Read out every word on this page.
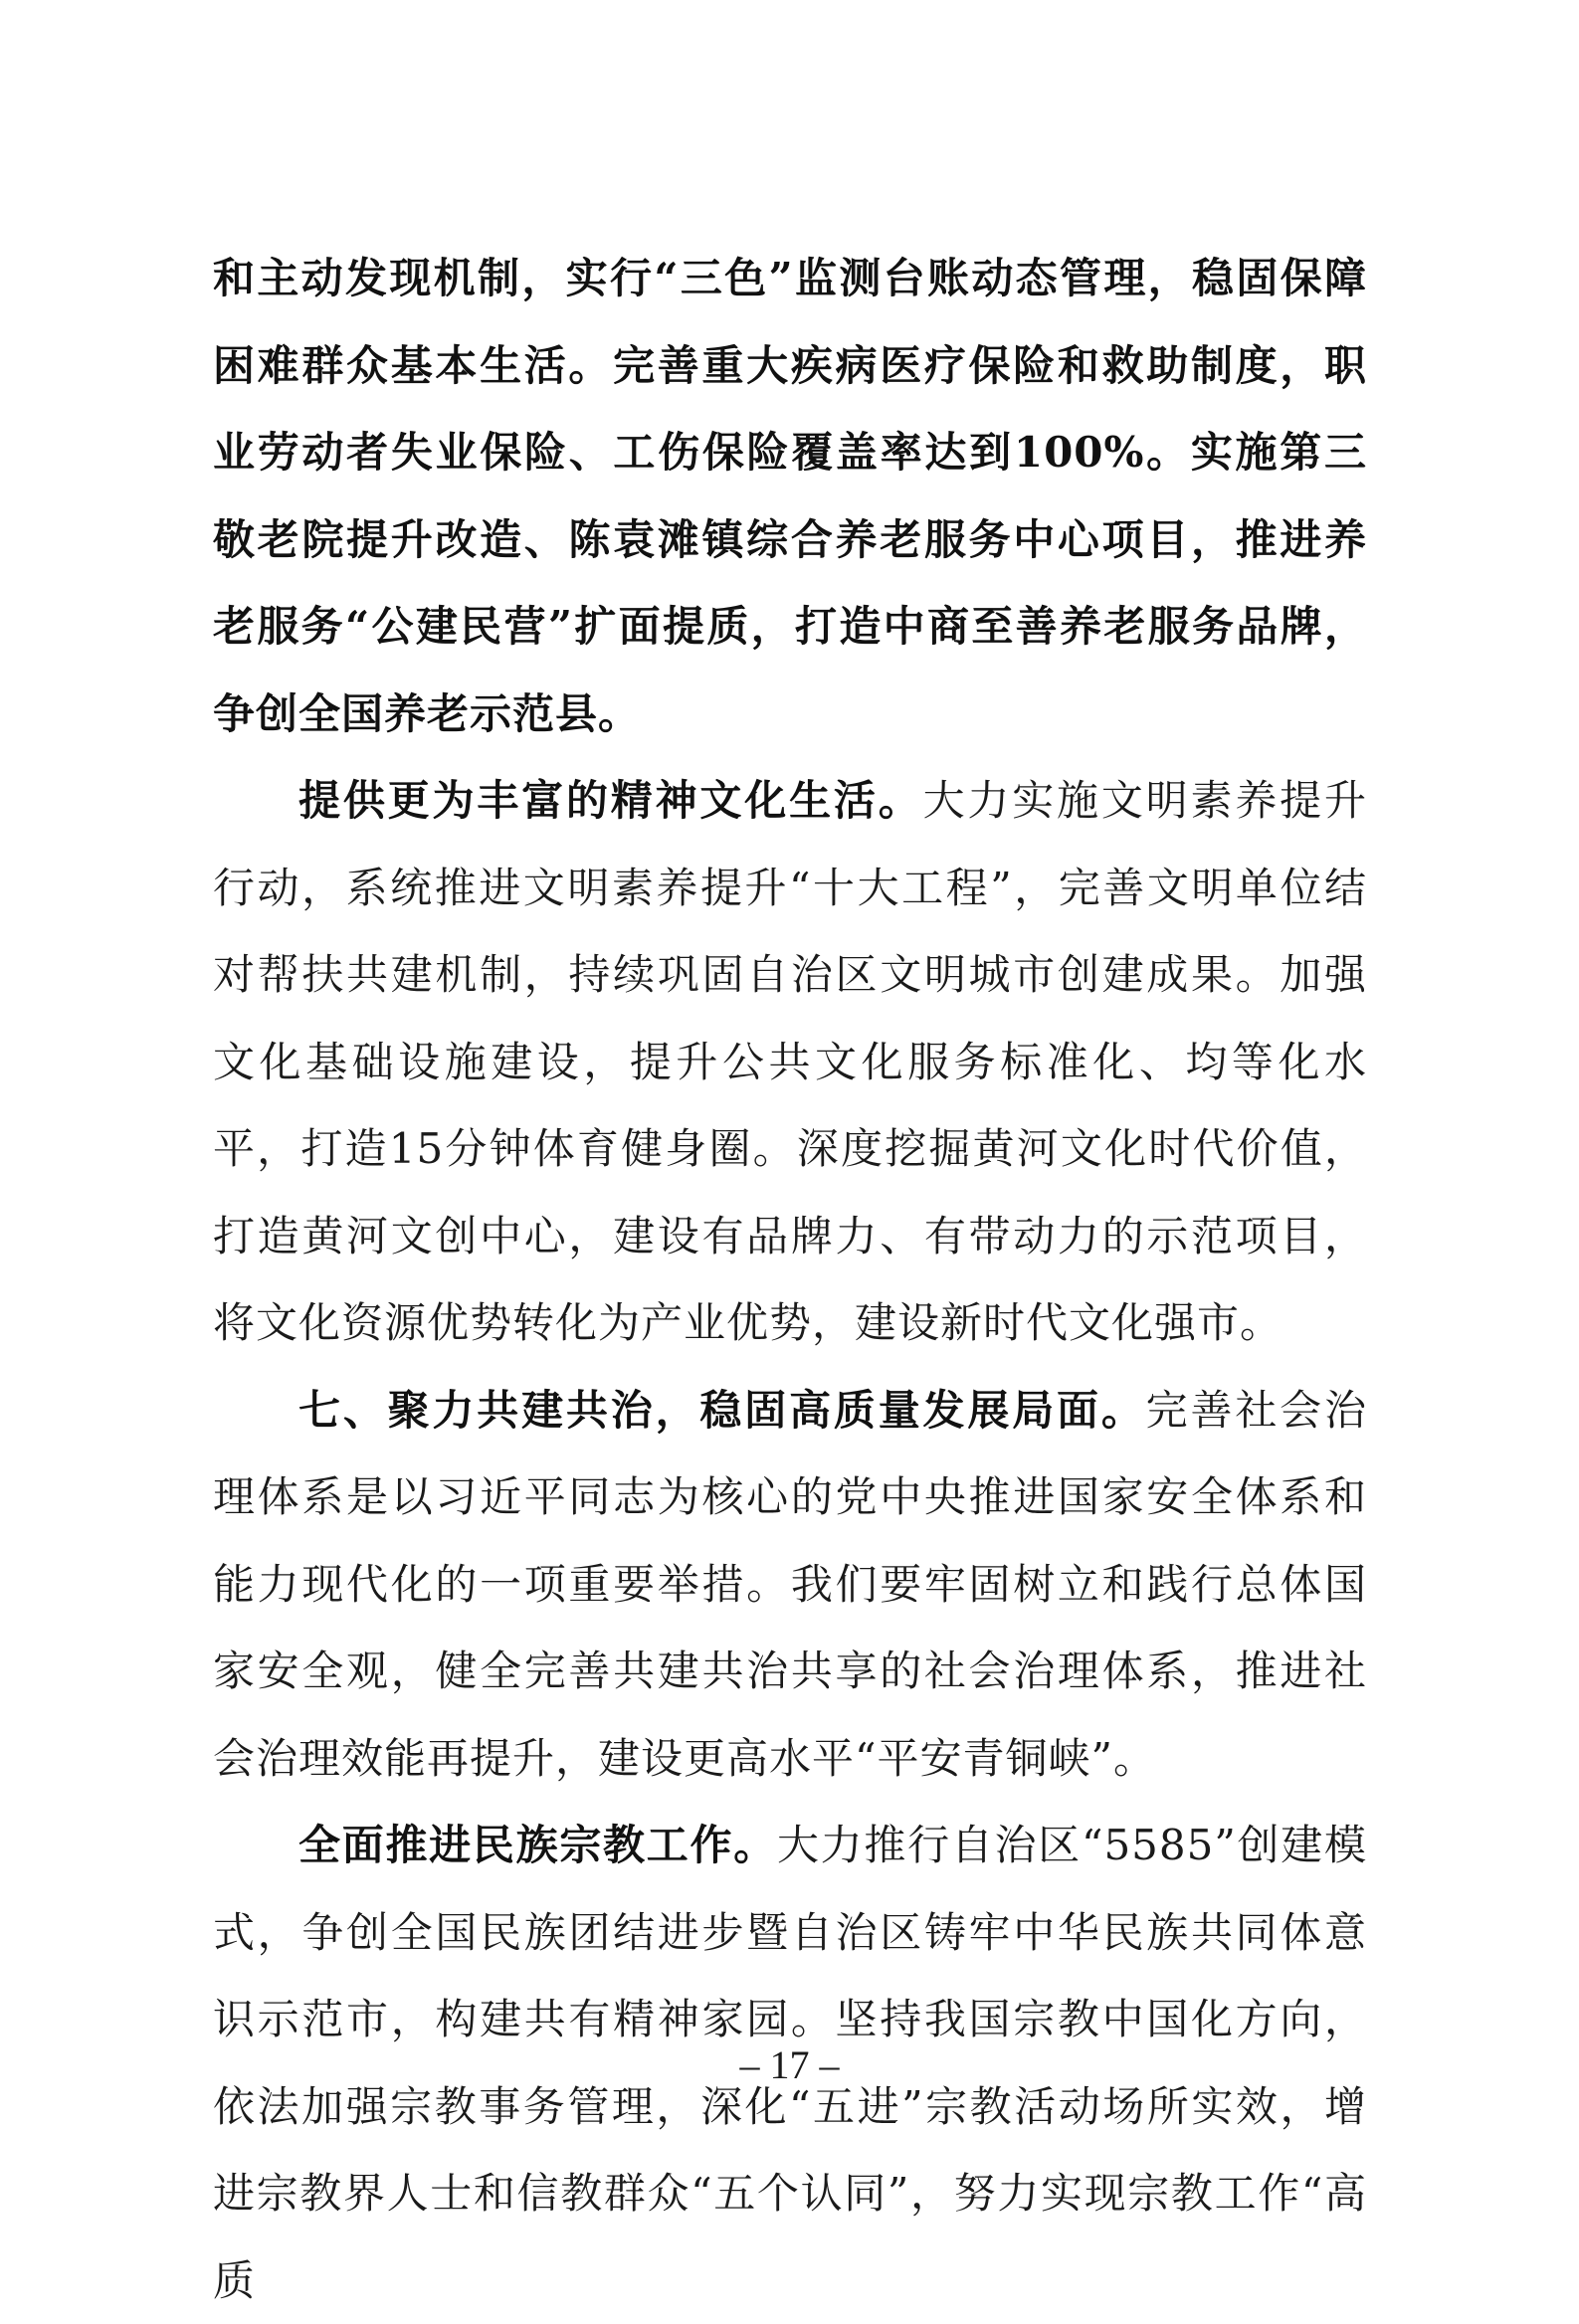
和主动发现机制，实行“三色”监测台账动态管理，稳固保障困难群众基本生活。完善重大疾病医疗保险和救助制度，职业劳动者失业保险、工伤保险覆盖率达到100%。实施第三敬老院提升改造、陈袁滩镇综合养老服务中心项目，推进养老服务“公建民营”扩面提质，打造中商至善养老服务品牌，争创全国养老示范县。

提供更为丰富的精神文化生活。大力实施文明素养提升行动，系统推进文明素养提升“十大工程”，完善文明单位结对帮扶共建机制，持续巩固自治区文明城市创建成果。加强文化基础设施建设，提升公共文化服务标准化、均等化水平，打造15分钟体育健身圈。深度挖掘黄河文化时代价值，打造黄河文创中心，建设有品牌力、有带动力的示范项目，将文化资源优势转化为产业优势，建设新时代文化强市。

七、聚力共建共治，稳固高质量发展局面。完善社会治理体系是以习近平同志为核心的党中央推进国家安全体系和能力现代化的一项重要举措。我们要牢固树立和践行总体国家安全观，健全完善共建共治共享的社会治理体系，推进社会治理效能再提升，建设更高水平“平安青铜峡”。

全面推进民族宗教工作。大力推行自治区“5585”创建模式，争创全国民族团结进步暨自治区铸牢中华民族共同体意识示范市，构建共有精神家园。坚持我国宗教中国化方向，依法加强宗教事务管理，深化“五进”宗教活动场所实效，增进宗教界人士和信教群众“五个认同”，努力实现宗教工作“高质

– 17 –
